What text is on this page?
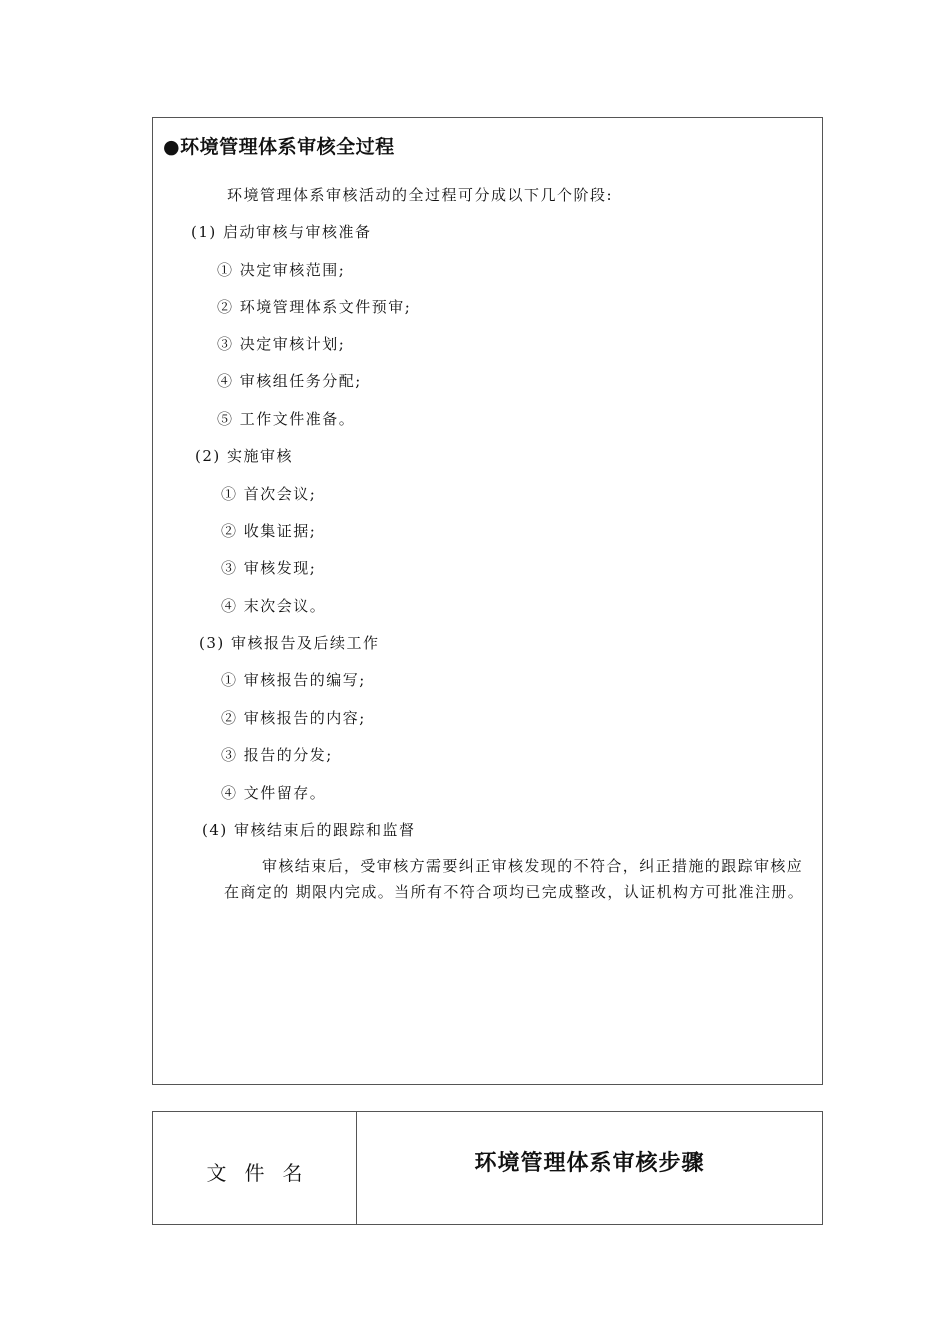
●环境管理体系审核全过程
环境管理体系审核活动的全过程可分成以下几个阶段:
(1) 启动审核与审核准备
① 决定审核范围;
② 环境管理体系文件预审;
③ 决定审核计划;
④ 审核组任务分配;
⑤ 工作文件准备。
(2) 实施审核
① 首次会议;
② 收集证据;
③ 审核发现;
④ 末次会议。
(3) 审核报告及后续工作
① 审核报告的编写;
② 审核报告的内容;
③ 报告的分发;
④ 文件留存。
(4) 审核结束后的跟踪和监督
审核结束后，受审核方需要纠正审核发现的不符合，纠正措施的跟踪审核应在商定的 期限内完成。当所有不符合项均已完成整改，认证机构方可批准注册。
文件名	环境管理体系审核步骤
